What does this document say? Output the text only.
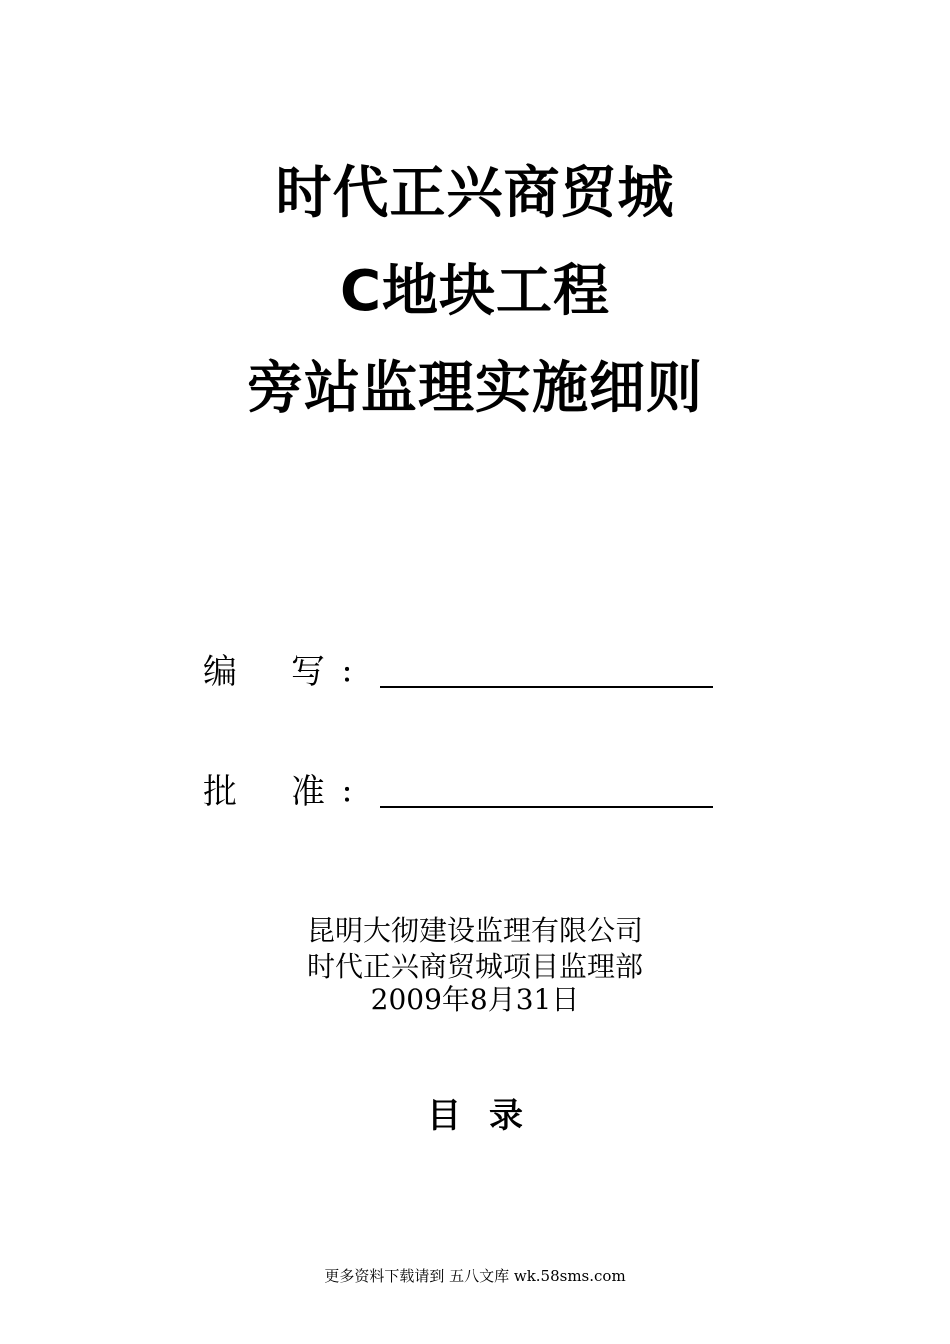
时代正兴商贸城
C地块工程
旁站监理实施细则
编 写 ：
批 准 ：
昆明大彻建设监理有限公司
时代正兴商贸城项目监理部
2009年8月31日
目录
更多资料下载请到 五八文库 wk.58sms.com
